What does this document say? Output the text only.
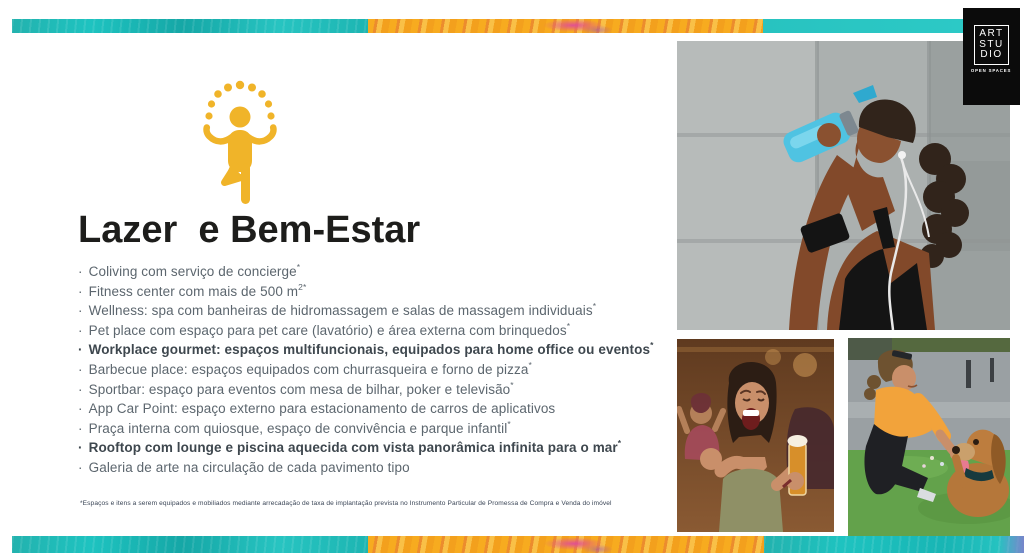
ART
STU
DIO
OPEN SPACES
Lazer  e Bem-Estar
· Coliving com serviço de concierge*
· Fitness center com mais de 500 $m^{2*}$
· Wellness: spa com banheiras de hidromassagem e salas de massagem individuais*
· Pet place com espaço para pet care (lavatório) e área externa com brinquedos*
· Workplace gourmet: espaços multifuncionais, equipados para home office ou eventos*
· Barbecue place: espaços equipados com churrasqueira e forno de pizza*
· Sportbar: espaço para eventos com mesa de bilhar, poker e televisão*
· App Car Point: espaço externo para estacionamento de carros de aplicativos
· Praça interna com quiosque, espaço de convivência e parque infantil*
· Rooftop com lounge e piscina aquecida com vista panorâmica infinita para o mar*
· Galeria de arte na circulação de cada pavimento tipo
*Espaços e itens a serem equipados e mobiliados mediante arrecadação de taxa de implantação prevista no Instrumento Particular de Promessa de Compra e Venda do imóvel
